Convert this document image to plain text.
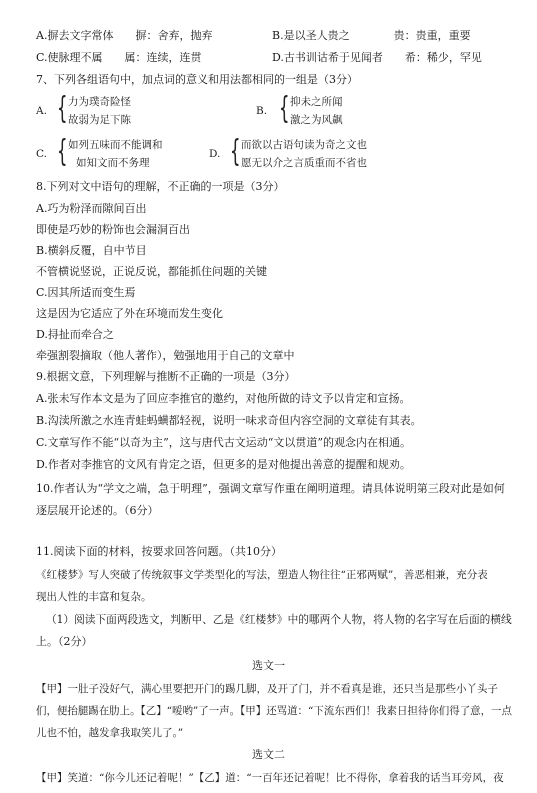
A.摒去文字常体　　摒：舍弃，抛弃	B.是以圣人贵之　　　　贵：贵重，重要
C.使脉理不属　　属：连续，连贯	D.古书训诂希于见闻者　　希：稀少，罕见
7、下列各组语句中，加点词的意义和用法都相同的一组是（3分）
A. { 力为璞奇险怪
故弱为足下陈
B. { 抑未之所闻
激之为风飙
C. { 如列五味而不能调和
如知文而不务理
D. { 而欲以古语句读为奇之文也
愿无以介之言质重而不省也
8.下列对文中语句的理解，不正确的一项是（3分）
A.巧为粉泽而隙间百出
即使是巧妙的粉饰也会漏洞百出
B.横斜反覆，自中节目
不管横说竖说，正说反说，都能抓住问题的关键
C.因其所适而变生焉
这是因为它适应了外在环境而发生变化
D.挦扯而牵合之
牵强割裂摘取（他人著作），勉强地用于自己的文章中
9.根据文意，下列理解与推断不正确的一项是（3分）
A.张未写作本文是为了回应李推官的邀约，对他所做的诗文予以肯定和宣扬。
B.沟渎所激之水连青蛙蚂蟥都轻视，说明一味求奇但内容空洞的文章徒有其表。
C.文章写作不能“以奇为主”，这与唐代古文运动“文以贯道”的观念内在相通。
D.作者对李推官的文风有肯定之语，但更多的是对他提出善意的提醒和规劝。
10.作者认为“学文之端，急于明理”，强调文章写作重在阐明道理。请具体说明第三段对此是如何
逐层展开论述的。（6分）
11.阅读下面的材料，按要求回答问题。（共10分）
《红楼梦》写人突破了传统叙事文学类型化的写法，塑造人物往往“正邪两赋”，善恶相兼，充分表
现出人性的丰富和复杂。
（1）阅读下面两段选文，判断甲、乙是《红楼梦》中的哪两个人物，将人物的名字写在后面的横线
上。（2分）
选文一
【甲】一肚子没好气，满心里要把开门的踢几脚，及开了门，并不看真是谁，还只当是那些小丫头子
们，便抬腿踢在肋上。【乙】“嗳哟”了一声。【甲】还骂道：“下流东西们！我素日担待你们得了意，一点
儿也不怕，越发拿我取笑儿了。”
选文二
【甲】笑道：“你今儿还记着呢！”【乙】道：“一百年还记着呢！比不得你，拿着我的话当耳旁风，夜
